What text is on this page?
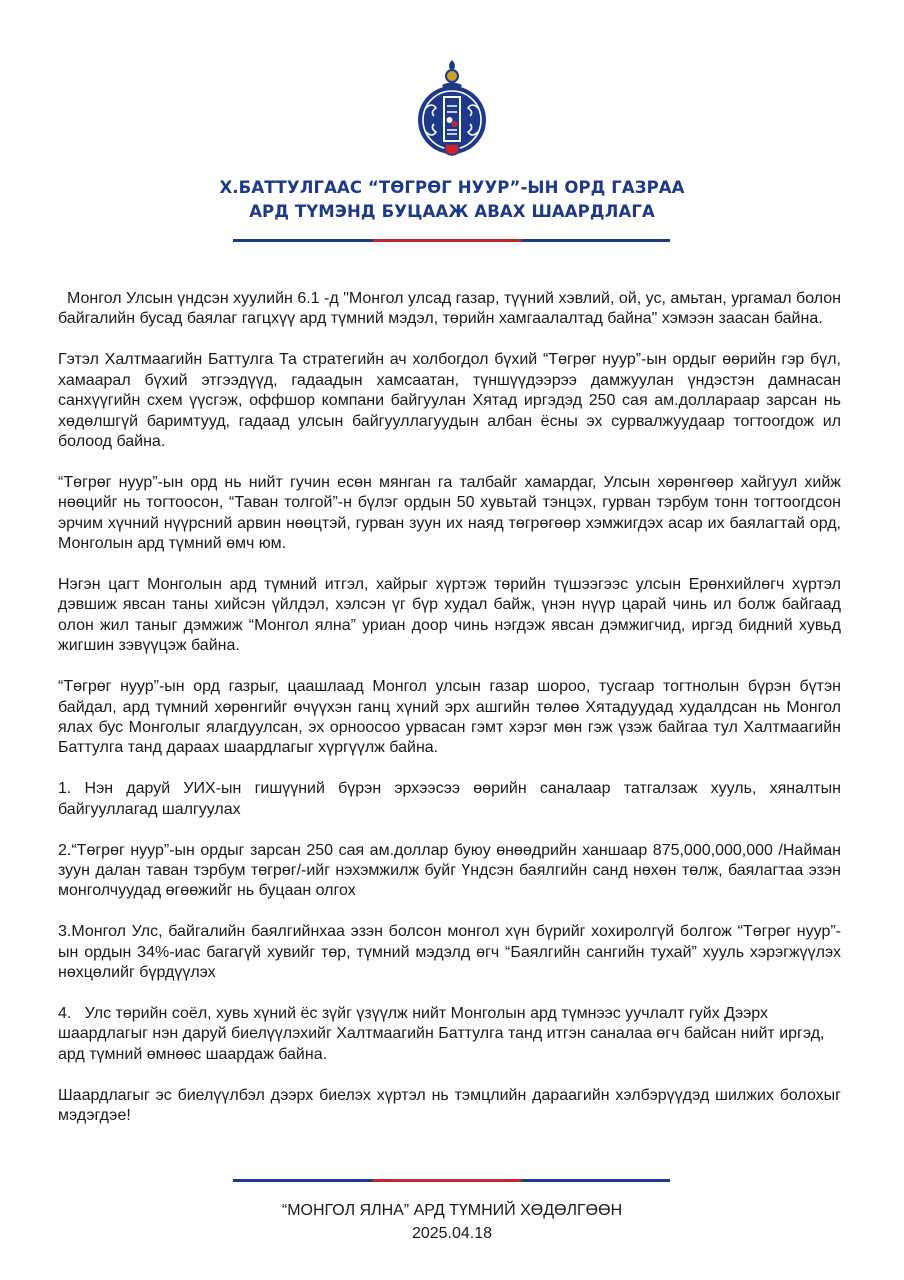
Х.БАТТУЛГААС “ТӨГРӨГ НУУР”-ЫН ОРД ГАЗРАА
АРД ТҮМЭНД БУЦААЖ АВАХ ШААРДЛАГА

Монгол Улсын үндсэн хуулийн 6.1 -д "Монгол улсад газар, түүний хэвлий, ой, ус, амьтан, ургамал болон байгалийн бусад баялаг гагцхүү ард түмний мэдэл, төрийн хамгаалалтад байна" хэмээн заасан байна.

Гэтэл Халтмаагийн Баттулга Та стратегийн ач холбогдол бүхий “Төгрөг нуур”-ын ордыг өөрийн гэр бүл, хамаарал бүхий этгээдүүд, гадаадын хамсаатан, түншүүдээрээ дамжуулан үндэстэн дамнасан санхүүгийн схем үүсгэж, оффшор компани байгуулан Хятад иргэдэд 250 сая ам.доллараар зарсан нь хөдөлшгүй баримтууд, гадаад улсын байгууллагуудын албан ёсны эх сурвалжуудаар тогтоогдож ил болоод байна.

“Төгрөг нуур”-ын орд нь нийт гучин есөн мянган га талбайг хамардаг, Улсын хөрөнгөөр хайгуул хийж нөөцийг нь тогтоосон, “Таван толгой”-н бүлэг ордын 50 хувьтай тэнцэх, гурван тэрбум тонн тогтоогдсон эрчим хүчний нүүрсний арвин нөөцтэй, гурван зуун их наяд төгрөгөөр хэмжигдэх асар их баялагтай орд, Монголын ард түмний өмч юм.

Нэгэн цагт Монголын ард түмний итгэл, хайрыг хүртэж төрийн түшээгээс улсын Ерөнхийлөгч хүртэл дэвшиж явсан таны хийсэн үйлдэл, хэлсэн үг бүр худал байж, үнэн нүүр царай чинь ил болж байгаад олон жил таныг дэмжиж “Монгол ялна” уриан доор чинь нэгдэж явсан дэмжигчид, иргэд бидний хувьд жигшин зэвүүцэж байна.

“Төгрөг нуур”-ын орд газрыг, цаашлаад Монгол улсын газар шороо, тусгаар тогтнолын бүрэн бүтэн байдал, ард түмний хөрөнгийг өчүүхэн ганц хүний эрх ашгийн төлөө Хятадуудад худалдсан нь Монгол ялах бус Монголыг ялагдуулсан, эх орноосоо урвасан гэмт хэрэг мөн гэж үзэж байгаа тул Халтмаагийн Баттулга танд дараах шаардлагыг хүргүүлж байна.

1. Нэн даруй УИХ-ын гишүүний бүрэн эрхээсээ өөрийн саналаар татгалзаж хууль, хяналтын байгууллагад шалгуулах

2.“Төгрөг нуур”-ын ордыг зарсан 250 сая ам.доллар буюу өнөөдрийн ханшаар 875,000,000,000 /Найман зуун далан таван тэрбум төгрөг/-ийг нэхэмжилж буйг Үндсэн баялгийн санд нөхөн төлж, баялагтаа эзэн монголчуудад өгөөжийг нь буцаан олгох

3.Монгол Улс, байгалийн баялгийнхаа эзэн болсон монгол хүн бүрийг хохиролгүй болгож “Төгрөг нуур”-ын ордын 34%-иас багагүй хувийг төр, түмний мэдэлд өгч “Баялгийн сангийн тухай” хууль хэрэгжүүлэх нөхцөлийг бүрдүүлэх

4.   Улс төрийн соёл, хувь хүний ёс зүйг үзүүлж нийт Монголын ард түмнээс уучлалт гуйх Дээрх шаардлагыг нэн даруй биелүүлэхийг Халтмаагийн Баттулга танд итгэн саналаа өгч байсан нийт иргэд, ард түмний өмнөөс шаардаж байна.

Шаардлагыг эс биелүүлбэл дээрх биелэх хүртэл нь тэмцлийн дараагийн хэлбэрүүдэд шилжих болохыг мэдэгдэе!

“МОНГОЛ ЯЛНА” АРД ТҮМНИЙ ХӨДӨЛГӨӨН
2025.04.18
